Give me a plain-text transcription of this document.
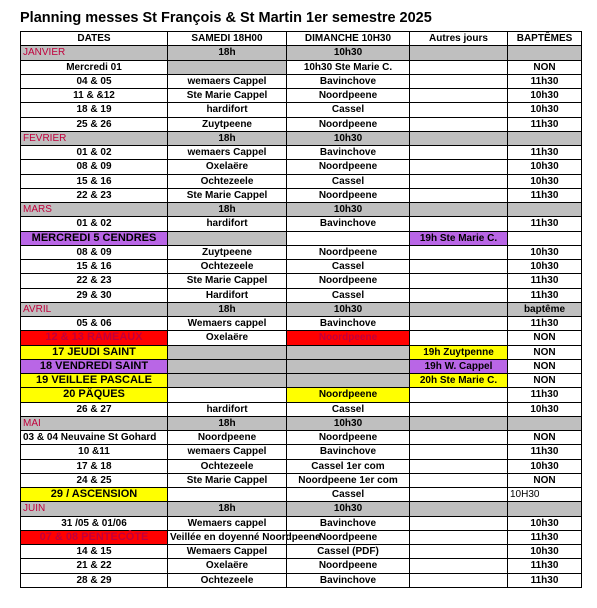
Planning messes St François & St Martin 1er semestre 2025
DATES	SAMEDI 18H00	DIMANCHE 10H30	Autres jours	BAPTÊMES
JANVIER	18h	10h30		
Mercredi 01		10h30 Ste Marie C.		NON
04 & 05	wemaers Cappel	Bavinchove		11h30
11 & &12	Ste Marie Cappel	Noordpeene		10h30
18 & 19	hardifort	Cassel		10h30
25 & 26	Zuytpeene	Noordpeene		11h30
FEVRIER	18h	10h30		
01 & 02	wemaers Cappel	Bavinchove		11h30
08 & 09	Oxelaëre	Noordpeene		10h30
15 & 16	Ochtezeele	Cassel		10h30
22 & 23	Ste Marie Cappel	Noordpeene		11h30
MARS	18h	10h30		
01 & 02	hardifort	Bavinchove		11h30
MERCREDI 5 CENDRES			19h Ste Marie C.	
08 & 09	Zuytpeene	Noordpeene		10h30
15 & 16	Ochtezeele	Cassel		10h30
22 & 23	Ste Marie Cappel	Noordpeene		11h30
29 & 30	Hardifort	Cassel		11h30
AVRIL	18h	10h30		baptême
05 & 06	Wemaers cappel	Bavinchove		11h30
12 & 13 RAMEAUX	Oxelaëre	Noordpeene		NON
17 JEUDI SAINT			19h Zuytpenne	NON
18 VENDREDI SAINT			19h W. Cappel	NON
19 VEILLEE PASCALE			20h Ste Marie C.	NON
20 PÂQUES		Noordpeene		11h30
26 & 27	hardifort	Cassel		10h30
MAI	18h	10h30		
03 & 04 Neuvaine St Gohard	Noordpeene	Noordpeene		NON
10 &11	wemaers Cappel	Bavinchove		11h30
17 & 18	Ochtezeele	Cassel 1er com		10h30
24 & 25	Ste Marie Cappel	Noordpeene 1er com		NON
29 / ASCENSION		Cassel		10H30
JUIN	18h	10h30		
31 /05 & 01/06	Wemaers cappel	Bavinchove		10h30
07 & 08 PENTECÔTE	Veillée en doyenné Noordpeene	Noordpeene		11h30
14 & 15	Wemaers Cappel	Cassel (PDF)		10h30
21 & 22	Oxelaëre	Noordpeene		11h30
28 & 29	Ochtezeele	Bavinchove		11h30
